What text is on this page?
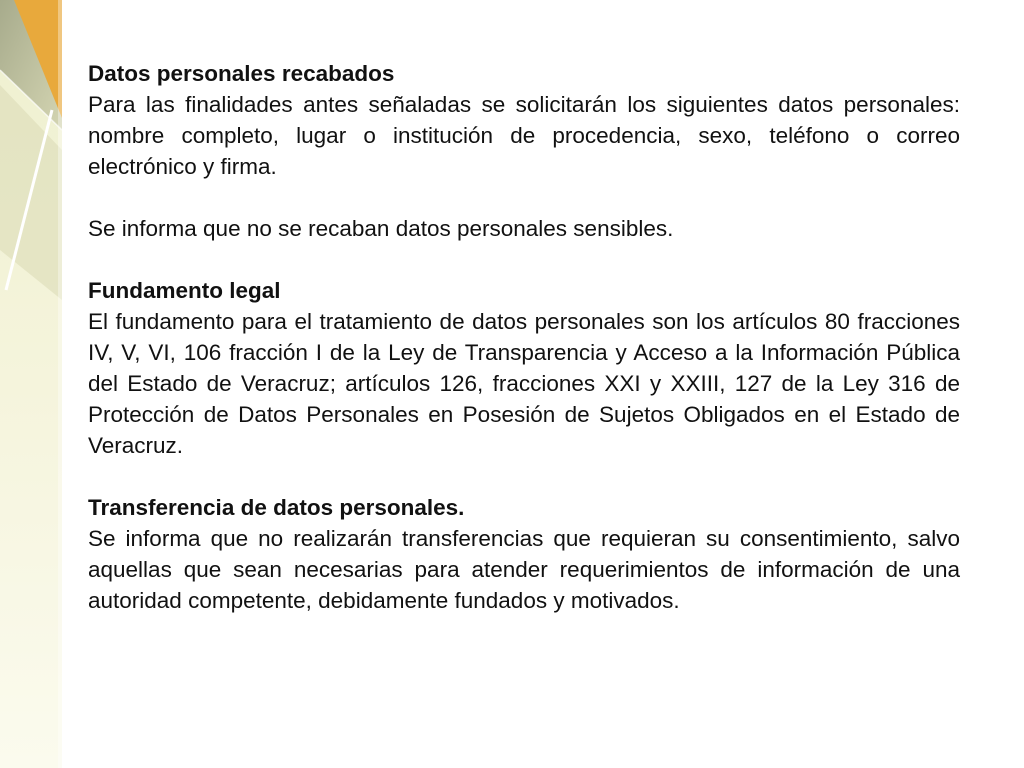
Datos personales recabados

Para las finalidades antes señaladas se solicitarán los siguientes datos personales: nombre completo, lugar o institución de procedencia, sexo, teléfono o correo electrónico y firma.

Se informa que no se recaban datos personales sensibles.

Fundamento legal

El fundamento para el tratamiento de datos personales son los artículos 80 fracciones IV, V, VI, 106 fracción I de la Ley de Transparencia y Acceso a la Información Pública del Estado de Veracruz; artículos 126, fracciones XXI y XXIII, 127 de la Ley 316 de Protección de Datos Personales en Posesión de Sujetos Obligados en el Estado de Veracruz.

Transferencia de datos personales.

Se informa que no realizarán transferencias que requieran su consentimiento, salvo aquellas que sean necesarias para atender requerimientos de información de una autoridad competente, debidamente fundados y motivados.
